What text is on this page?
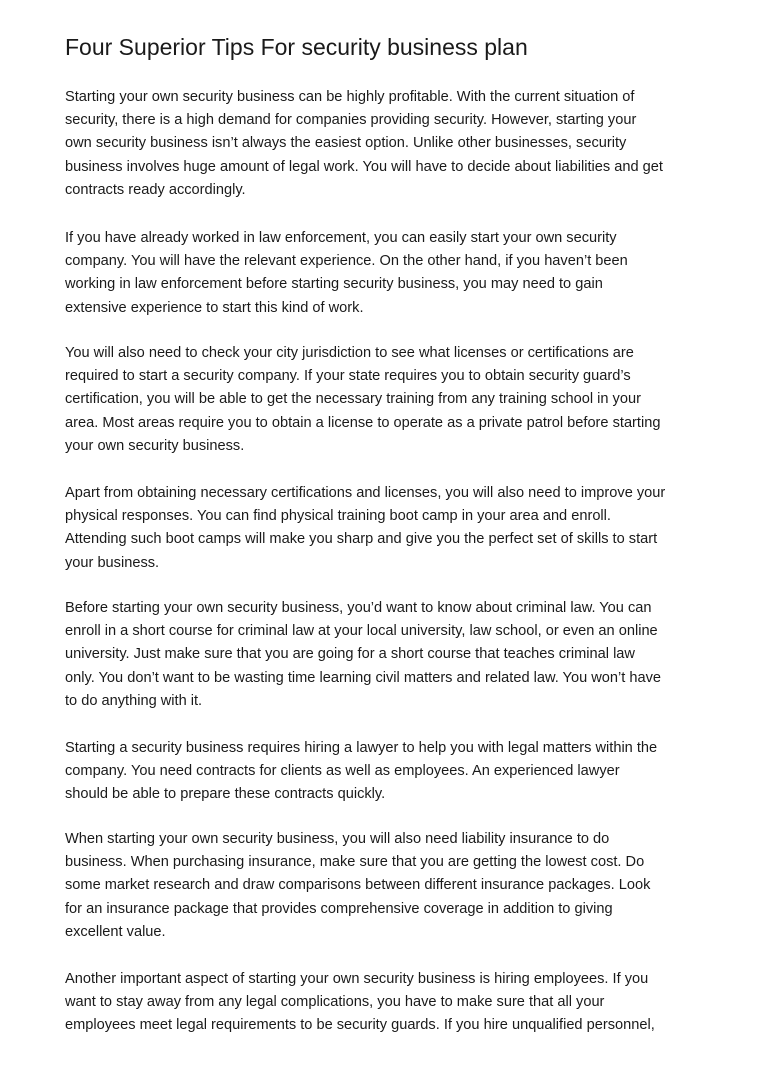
Four Superior Tips For security business plan

Starting your own security business can be highly profitable. With the current situation of
security, there is a high demand for companies providing security. However, starting your
own security business isn’t always the easiest option. Unlike other businesses, security
business involves huge amount of legal work. You will have to decide about liabilities and get
contracts ready accordingly.

If you have already worked in law enforcement, you can easily start your own security
company. You will have the relevant experience. On the other hand, if you haven’t been
working in law enforcement before starting security business, you may need to gain
extensive experience to start this kind of work.

You will also need to check your city jurisdiction to see what licenses or certifications are
required to start a security company. If your state requires you to obtain security guard’s
certification, you will be able to get the necessary training from any training school in your
area. Most areas require you to obtain a license to operate as a private patrol before starting
your own security business.

Apart from obtaining necessary certifications and licenses, you will also need to improve your
physical responses. You can find physical training boot camp in your area and enroll.
Attending such boot camps will make you sharp and give you the perfect set of skills to start
your business.

Before starting your own security business, you’d want to know about criminal law. You can
enroll in a short course for criminal law at your local university, law school, or even an online
university. Just make sure that you are going for a short course that teaches criminal law
only. You don’t want to be wasting time learning civil matters and related law. You won’t have
to do anything with it.

Starting a security business requires hiring a lawyer to help you with legal matters within the
company. You need contracts for clients as well as employees. An experienced lawyer
should be able to prepare these contracts quickly.

When starting your own security business, you will also need liability insurance to do
business. When purchasing insurance, make sure that you are getting the lowest cost. Do
some market research and draw comparisons between different insurance packages. Look
for an insurance package that provides comprehensive coverage in addition to giving
excellent value.

Another important aspect of starting your own security business is hiring employees. If you
want to stay away from any legal complications, you have to make sure that all your
employees meet legal requirements to be security guards. If you hire unqualified personnel,
